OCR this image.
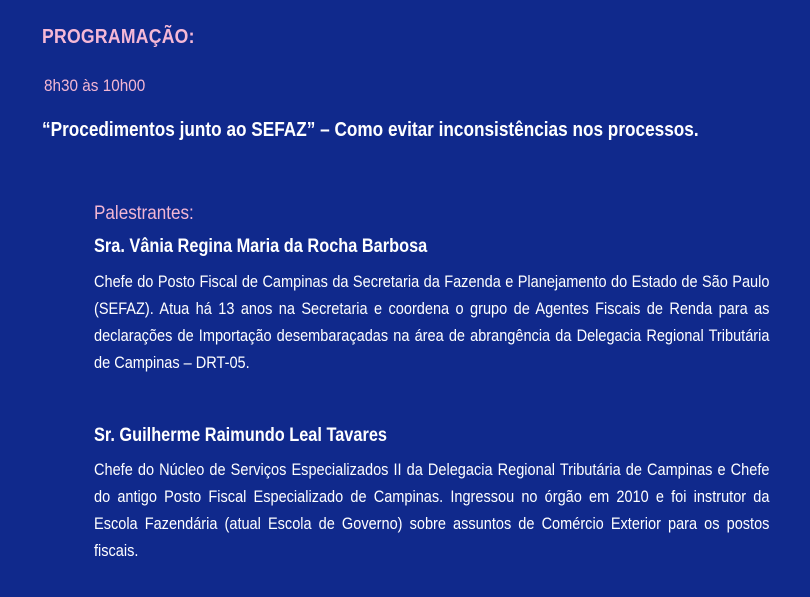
PROGRAMAÇÃO:
8h30 às 10h00
“Procedimentos junto ao SEFAZ” – Como evitar inconsistências nos processos.
Palestrantes:
Sra. Vânia Regina Maria da Rocha Barbosa
Chefe do Posto Fiscal de Campinas da Secretaria da Fazenda e Planejamento do Estado de São Paulo (SEFAZ). Atua há 13 anos na Secretaria e coordena o grupo de Agentes Fiscais de Renda para as declarações de Importação desembaraçadas na área de abrangência da Delegacia Regional Tributária de Campinas – DRT-05.
Sr. Guilherme Raimundo Leal Tavares
Chefe do Núcleo de Serviços Especializados II da Delegacia Regional Tributária de Campinas e Chefe do antigo Posto Fiscal Especializado de Campinas. Ingressou no órgão em 2010 e foi instrutor da Escola Fazendária (atual Escola de Governo) sobre assuntos de Comércio Exterior para os postos fiscais.
